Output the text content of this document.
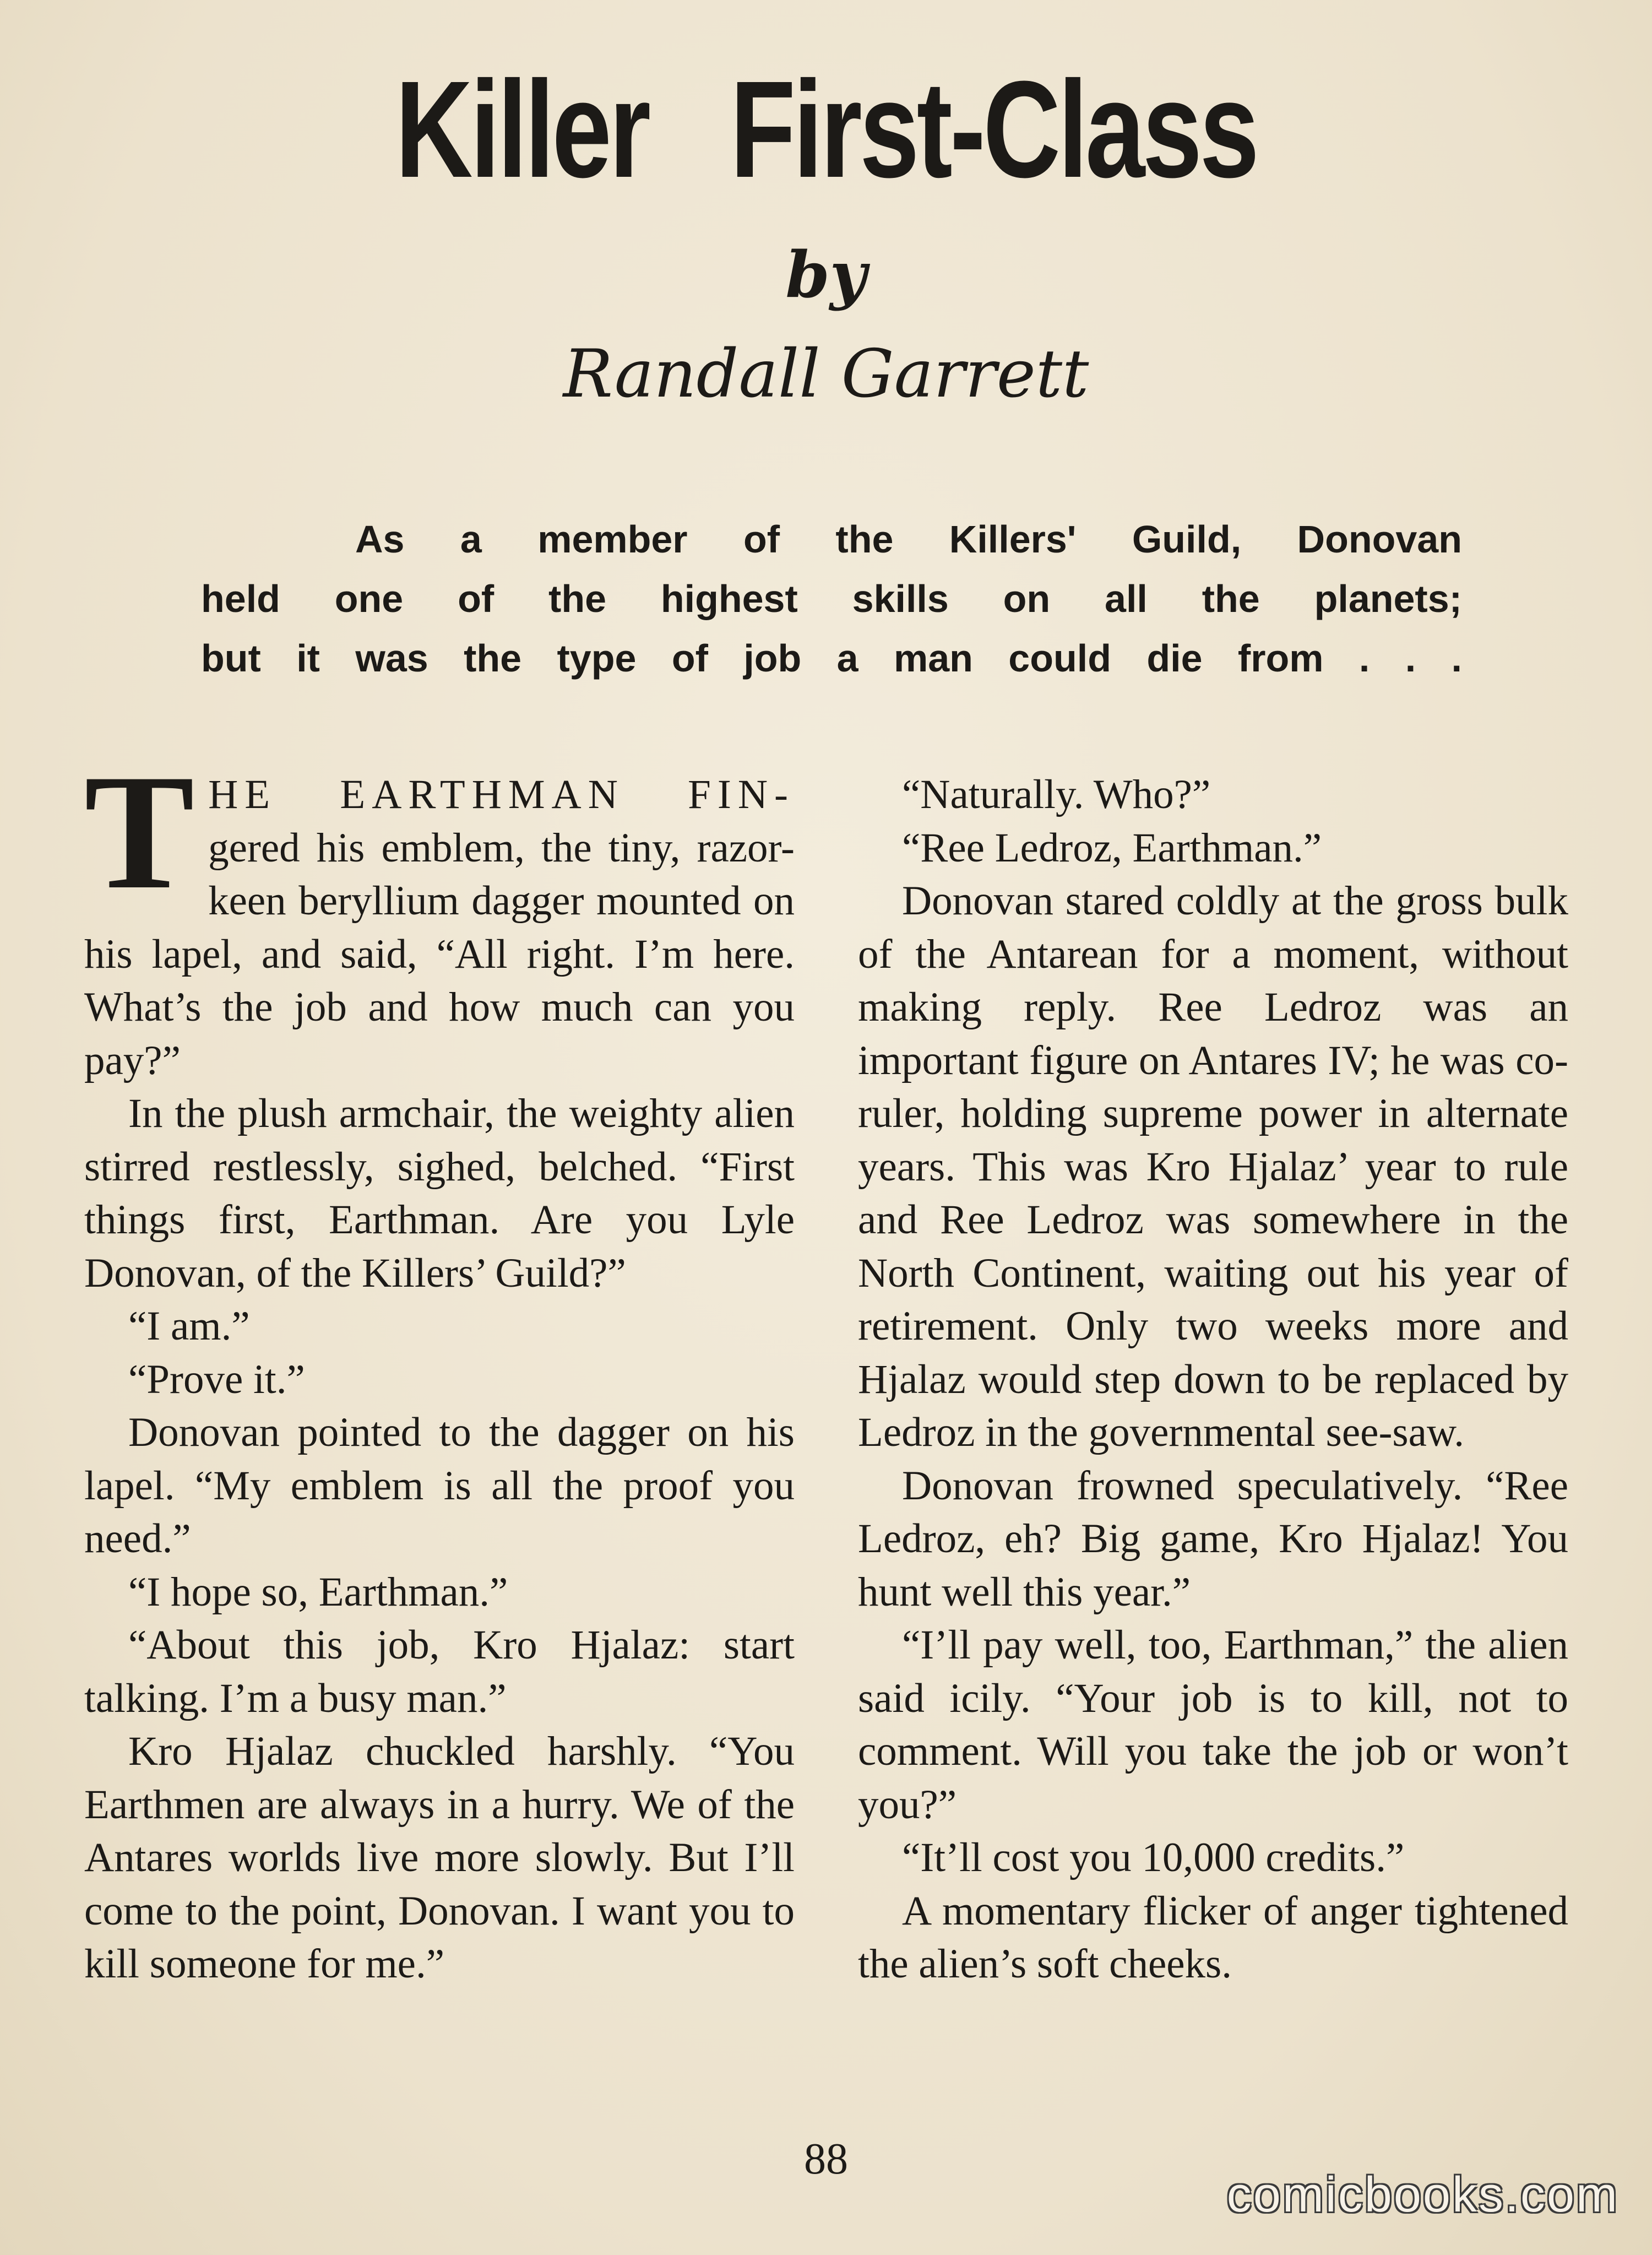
Killer   First-Class
by
Randall Garrett
As a member of the Killers' Guild, Donovan
held one of the highest skills on all the planets;
but it was the type of job a man could die from . . .

THE EARTHMAN FIN- gered his emblem, the tiny, razor-keen beryllium dagger mounted on his lapel, and said, “All right. I’m here. What’s the job and how much can you pay?”

In the plush armchair, the weighty alien stirred restlessly, sighed, belched. “First things first, Earthman. Are you Lyle Donovan, of the Killers’ Guild?”

“I am.”

“Prove it.”

Donovan pointed to the dagger on his lapel. “My emblem is all the proof you need.”

“I hope so, Earthman.”

“About this job, Kro Hjalaz: start talking. I’m a busy man.”

Kro Hjalaz chuckled harshly. “You Earthmen are always in a hurry. We of the Antares worlds live more slowly. But I’ll come to the point, Donovan. I want you to kill someone for me.”

“Naturally. Who?”

“Ree Ledroz, Earthman.”

Donovan stared coldly at the gross bulk of the Antarean for a moment, without making reply. Ree Ledroz was an important figure on Antares IV; he was co-ruler, holding supreme power in alternate years. This was Kro Hjalaz’ year to rule and Ree Ledroz was somewhere in the North Continent, waiting out his year of retirement. Only two weeks more and Hjalaz would step down to be replaced by Ledroz in the governmental see-saw.

Donovan frowned speculatively. “Ree Ledroz, eh? Big game, Kro Hjalaz! You hunt well this year.”

“I’ll pay well, too, Earthman,” the alien said icily. “Your job is to kill, not to comment. Will you take the job or won’t you?”

“It’ll cost you 10,000 credits.”

A momentary flicker of anger tightened the alien’s soft cheeks.

88
comicbooks.com
